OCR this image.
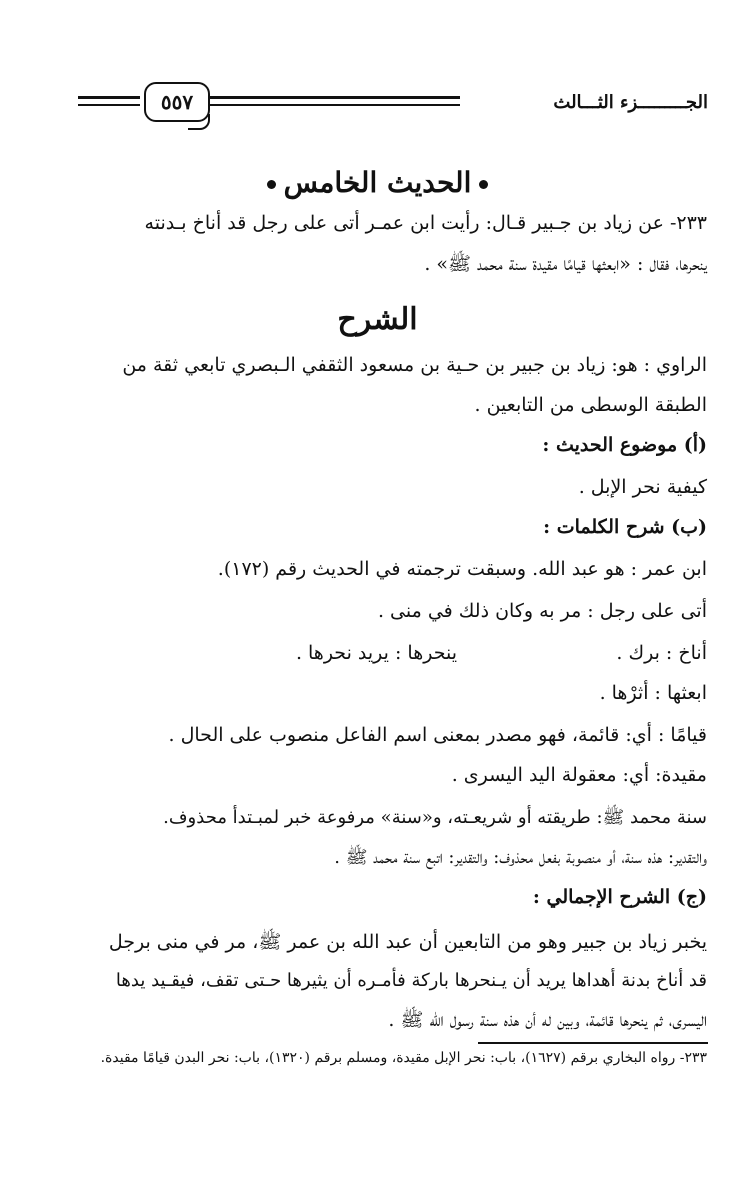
٥٥٧	الجـــــــــزء الثـــالث
الحديث الخامس
٢٣٣- عن زياد بن جـبير قـال: رأيت ابن عمـر أتى على رجل قد أناخ بـدنته
ينحرها، فقال : «ابعثها قيامًا مقيدة سنة محمد ﷺ» .
الشرح
الراوي : هو: زياد بن جبير بن حـية بن مسعود الثقفي الـبصري تابعي ثقة من
الطبقة الوسطى من التابعين .
(أ) موضوع الحديث :
كيفية نحر الإبل .
(ب) شرح الكلمات :
ابن عمر : هو عبد الله. وسبقت ترجمته في الحديث رقم (١٧٢).
أتى على رجل : مر به وكان ذلك في منى .
أناخ : برك .
ينحرها : يريد نحرها .
ابعثها : أثرْها .
قيامًا : أي: قائمة، فهو مصدر بمعنى اسم الفاعل منصوب على الحال .
مقيدة: أي: معقولة اليد اليسرى .
سنة محمد ﷺ: طريقته أو شريعـته، و«سنة» مرفوعة خبر لمبـتدأ محذوف.
والتقدير: هذه سنة، أو منصوبة بفعل محذوف: والتقدير: اتبع سنة محمد ﷺ .
(ج) الشرح الإجمالي :
يخبر زياد بن جبير وهو من التابعين أن عبد الله بن عمر ﷺ، مر في منى برجل
قد أناخ بدنة أهداها يريد أن يـنحرها باركة فأمـره أن يثيرها حـتى تقف، فيقـيد يدها
اليسرى، ثم ينحرها قائمة، وبين له أن هذه سنة رسول الله ﷺ .
٢٣٣- رواه البخاري برقم (١٦٢٧)، باب: نحر الإبل مقيدة، ومسلم برقم (١٣٢٠)، باب: نحر البدن قيامًا مقيدة.
